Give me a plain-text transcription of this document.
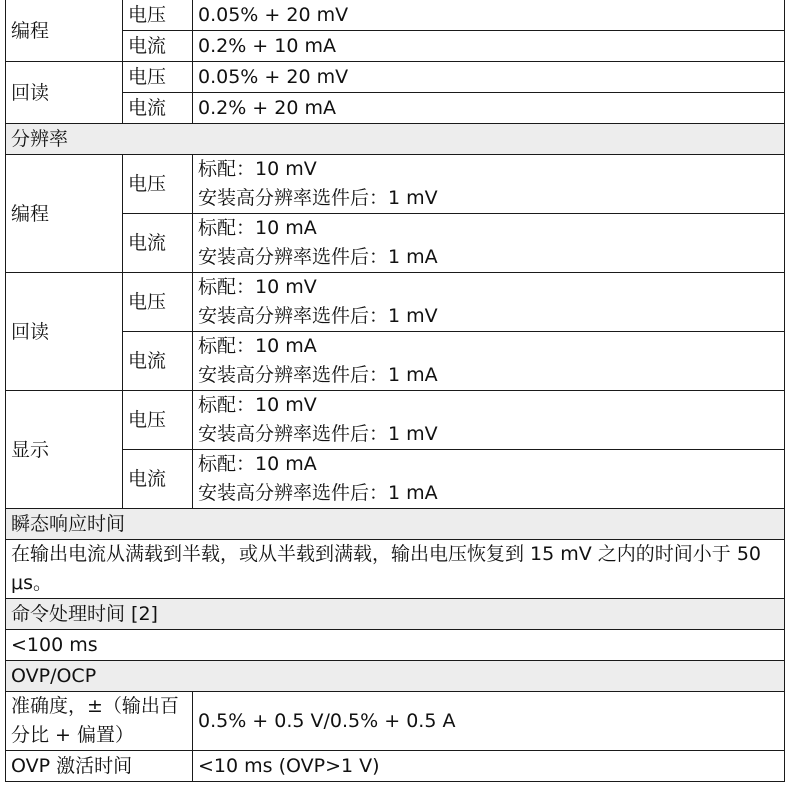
编程	电压	0.05% + 20 mV
	电流	0.2% + 10 mA
回读	电压	0.05% + 20 mV
	电流	0.2% + 20 mA
分辨率		
编程	电压	标配：10 mV
安装高分辨率选件后：1 mV

	电流	标配：10 mA
安装高分辨率选件后：1 mA

回读	电压	标配：10 mV
安装高分辨率选件后：1 mV

	电流	标配：10 mA
安装高分辨率选件后：1 mA

显示	电压	标配：10 mV
安装高分辨率选件后：1 mV

	电流	标配：10 mA
安装高分辨率选件后：1 mA

瞬态响应时间		
在输出电流从满载到半载，或从半载到满载，输出电压恢复到 15 mV 之内的时间小于 50 μs。		
命令处理时间 [2]		
<100 ms		
OVP/OCP		
准确度，±（输出百分比 + 偏置）		0.5% + 0.5 V/0.5% + 0.5 A
OVP 激活时间		<10 ms (OVP>1 V)
